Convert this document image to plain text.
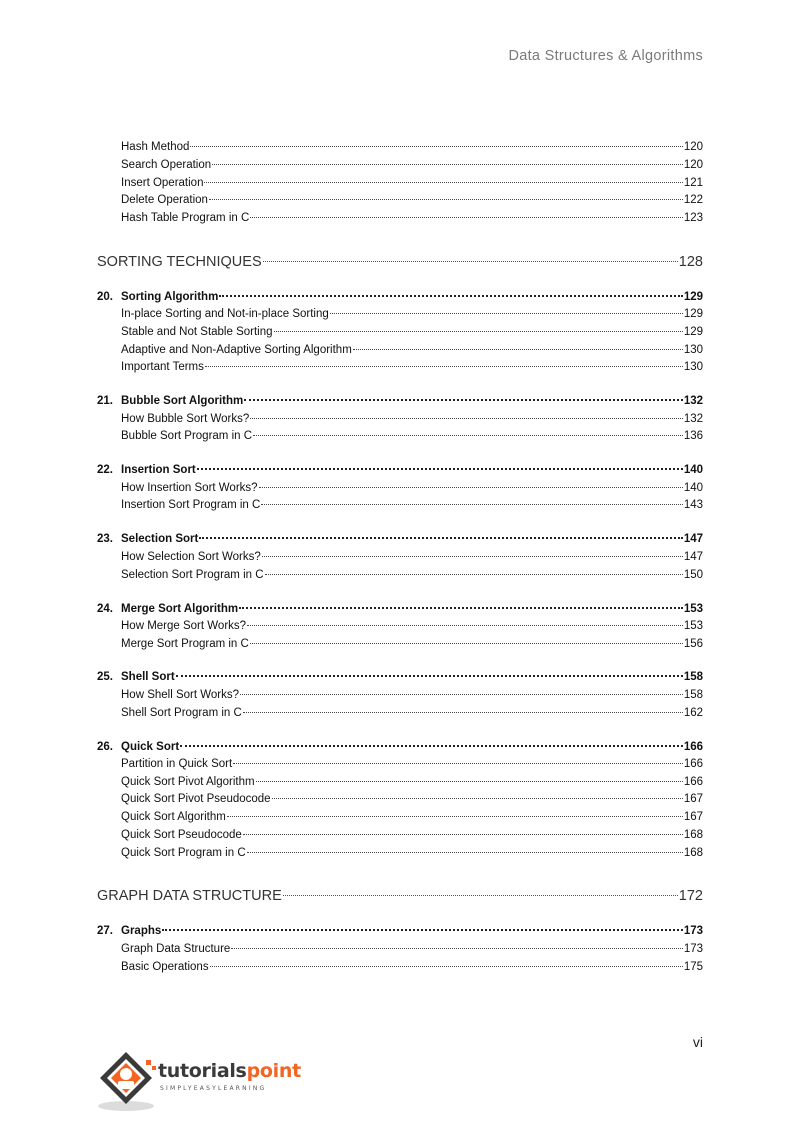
Data Structures & Algorithms
Hash Method	120
Search Operation	120
Insert Operation	121
Delete Operation	122
Hash Table Program in C	123
SORTING TECHNIQUES	128
20. Sorting Algorithm	129
In-place Sorting and Not-in-place Sorting	129
Stable and Not Stable Sorting	129
Adaptive and Non-Adaptive Sorting Algorithm	130
Important Terms	130
21. Bubble Sort Algorithm	132
How Bubble Sort Works?	132
Bubble Sort Program in C	136
22. Insertion Sort	140
How Insertion Sort Works?	140
Insertion Sort Program in C	143
23. Selection Sort	147
How Selection Sort Works?	147
Selection Sort Program in C	150
24. Merge Sort Algorithm	153
How Merge Sort Works?	153
Merge Sort Program in C	156
25. Shell Sort	158
How Shell Sort Works?	158
Shell Sort Program in C	162
26. Quick Sort	166
Partition in Quick Sort	166
Quick Sort Pivot Algorithm	166
Quick Sort Pivot Pseudocode	167
Quick Sort Algorithm	167
Quick Sort Pseudocode	168
Quick Sort Program in C	168
GRAPH DATA STRUCTURE	172
27. Graphs	173
Graph Data Structure	173
Basic Operations	175
vi
tutorialspoint
SIMPLYEASYLEARNING
